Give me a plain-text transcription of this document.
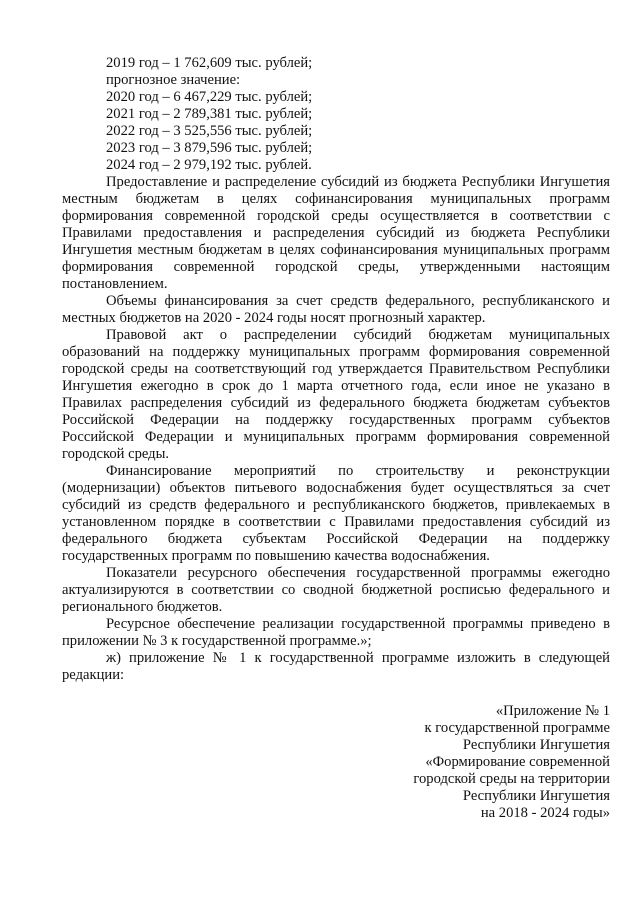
2019 год – 1 762,609 тыс. рублей;

прогнозное значение:

2020 год – 6 467,229 тыс. рублей;

2021 год – 2 789,381 тыс. рублей;

2022 год – 3 525,556 тыс. рублей;

2023 год – 3 879,596 тыс. рублей;

2024 год – 2 979,192 тыс. рублей.

Предоставление и распределение субсидий из бюджета Республики Ингушетия местным бюджетам в целях софинансирования муниципальных программ формирования современной городской среды осуществляется в соответствии с Правилами предоставления и распределения субсидий из бюджета Республики Ингушетия местным бюджетам в целях софинансирования муниципальных программ формирования современной городской среды, утвержденными настоящим постановлением.

Объемы финансирования за счет средств федерального, республиканского и местных бюджетов на 2020 - 2024 годы носят прогнозный характер.

Правовой акт о распределении субсидий бюджетам муниципальных образований на поддержку муниципальных программ формирования современной городской среды на соответствующий год утверждается Правительством Республики Ингушетия ежегодно в срок до 1 марта отчетного года, если иное не указано в Правилах распределения субсидий из федерального бюджета бюджетам субъектов Российской Федерации на поддержку государственных программ субъектов Российской Федерации и муниципальных программ формирования современной городской среды.

Финансирование мероприятий по строительству и реконструкции (модернизации) объектов питьевого водоснабжения будет осуществляться за счет субсидий из средств федерального и республиканского бюджетов, привлекаемых в установленном порядке в соответствии с Правилами предоставления субсидий из федерального бюджета субъектам Российской Федерации на поддержку государственных программ по повышению качества водоснабжения.

Показатели ресурсного обеспечения государственной программы ежегодно актуализируются в соответствии со сводной бюджетной росписью федерального и регионального бюджетов.

Ресурсное обеспечение реализации государственной программы приведено в приложении № 3 к государственной программе.»;

ж) приложение № 1 к государственной программе изложить в следующей редакции:

«Приложение № 1

к государственной программе

Республики Ингушетия

«Формирование современной

городской среды на территории

Республики Ингушетия

на 2018 - 2024 годы»
